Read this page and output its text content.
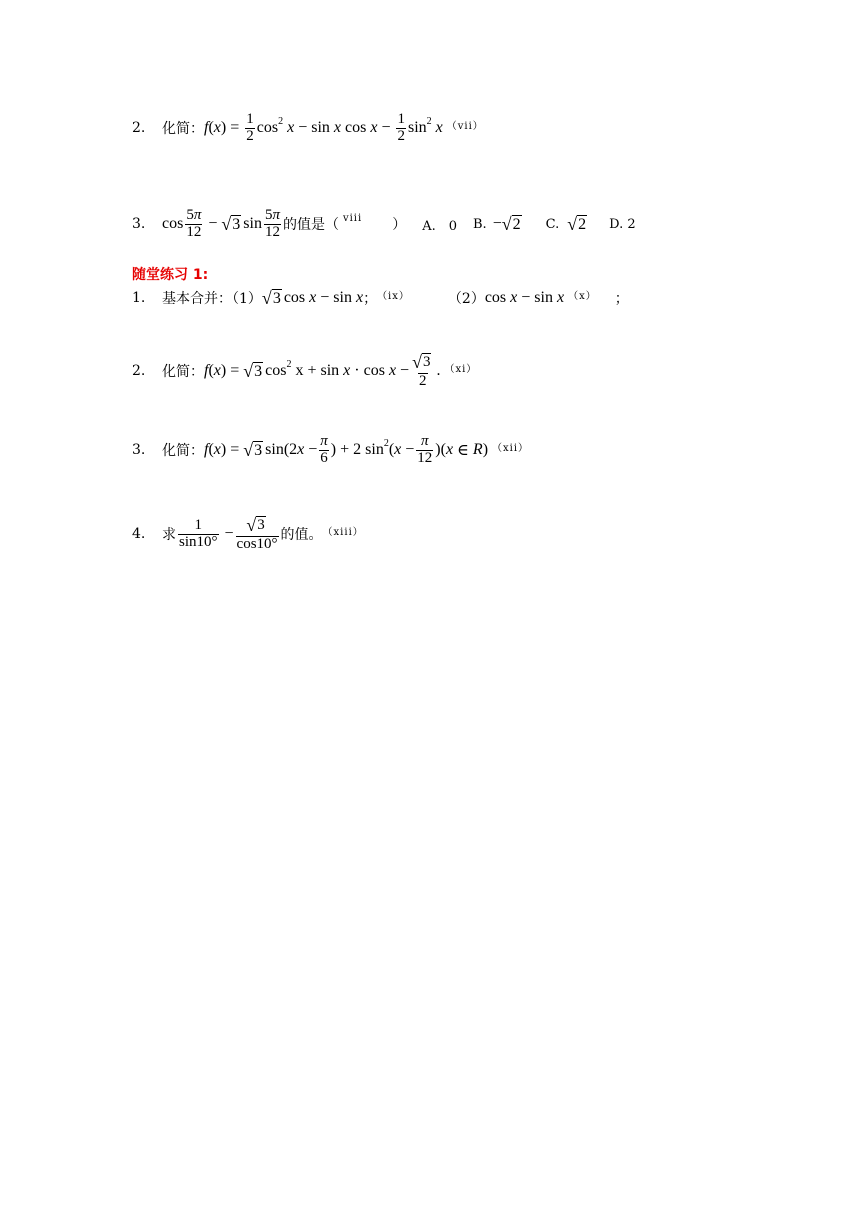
2. 化简： f ( x ) = $\frac{1}{2}$ cos 2
x − sin x $\cos x - \frac{1}{2}$ sin 2
x （vii）
3. $\cos \frac{5\pi}{12}$ − √ 3 $\sin \frac{5\pi}{12}$ 的值是（ viii ） A.　0 B. − √ 2 C. √ 2 D. 2
随堂练习 1:
1. 基本合并：（1） √ 3 cos x − sin x ； （ix）	（2） cos x − sin x （x） ；
2. 化简： f ( x ) = √ 3 cos 2 $x + \sin x \cdot \cos x - \frac{√ 3}{2}$ . （xi）
3. 化简： f ( x ) = √ 3 sin(2 $x - \frac{\pi}{6}$ ) + 2 sin 2 ( $x - \frac{\pi}{12}$ )( x ∈ R ) （xii）
4. 求 $\frac{1}{\sin 10^\circ} - \frac{√ 3}{\cos 10^\circ}$ 的值。 （xiii）
